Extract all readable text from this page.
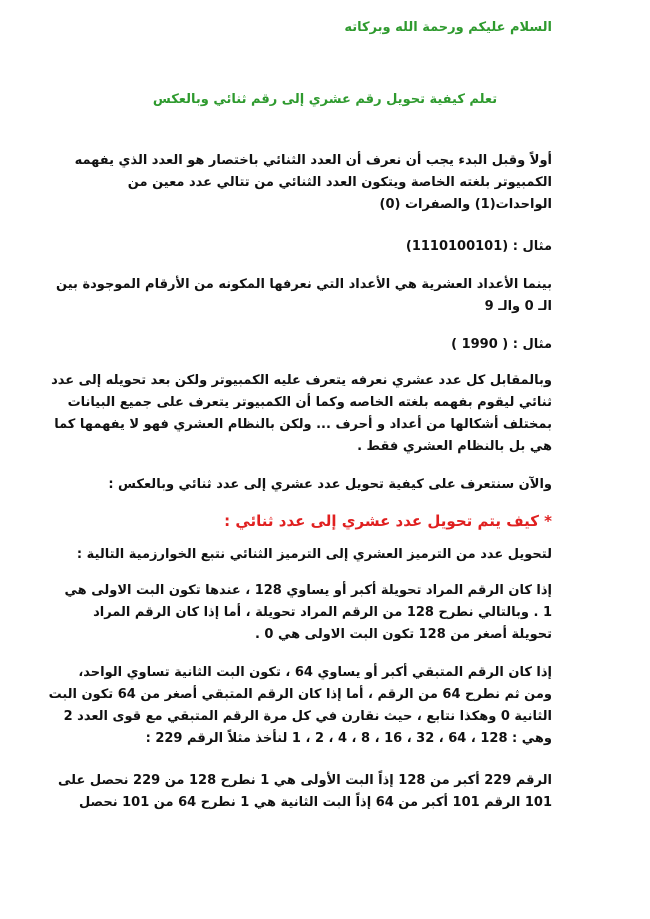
السلام عليكم ورحمة الله وبركاته
تعلم كيفية تحويل رقم عشري إلى رقم ثنائي وبالعكس
أولاً وقبل البدء يجب أن نعرف أن العدد الثنائي باختصار هو العدد الذي يفهمه
الكمبيوتر بلغته الخاصة ويتكون العدد الثنائي من تتالي عدد معين من
الواحدات(1) والصفرات (0)
مثال : (1110100101)
بينما الأعداد العشرية هي الأعداد التي نعرفها المكونه من الأرقام الموجودة بين
الـ 0 والـ 9
مثال : ( 1990 )
وبالمقابل كل عدد عشري نعرفه يتعرف عليه الكمبيوتر ولكن بعد تحويله إلى عدد
ثنائي ليقوم بفهمه بلغته الخاصه وكما أن الكمبيوتر يتعرف على جميع البيانات
بمختلف أشكالها من أعداد و أحرف ... ولكن بالنظام العشري فهو لا يفهمها كما
هي بل بالنظام العشري فقط .
والآن سنتعرف على كيفية تحويل عدد عشري إلى عدد ثنائي وبالعكس :
* كيف يتم تحويل عدد عشري إلى عدد ثنائي :
لتحويل عدد من الترميز العشري إلى الترميز الثنائي نتبع الخوارزمية التالية :
إذا كان الرقم المراد تحويلة أكبر أو يساوي 128 ، عندها تكون البت الاولى هي
1 . وبالتالي نطرح 128 من الرقم المراد تحويلة ، أما إذا كان الرقم المراد
تحويلة أصغر من 128 تكون البت الاولى هي 0 .
إذا كان الرقم المتبقي أكبر أو يساوي 64 ، تكون البت الثانية تساوي الواحد،
ومن ثم نطرح 64 من الرقم ، أما إذا كان الرقم المتبقي أصغر من 64 تكون البت
الثانية 0 وهكذا نتابع ، حيث نقارن في كل مرة الرقم المتبقي مع قوى العدد 2
وهي : 128 ، 64 ، 32 ، 16 ، 8 ، 4 ، 2 ، 1 لنأخذ مثلاً الرقم 229 :
الرقم 229 أكبر من 128 إذاً البت الأولى هي 1 نطرح 128 من 229 نحصل على
101 الرقم 101 أكبر من 64 إذاً البت الثانية هي 1 نطرح 64 من 101 نحصل
